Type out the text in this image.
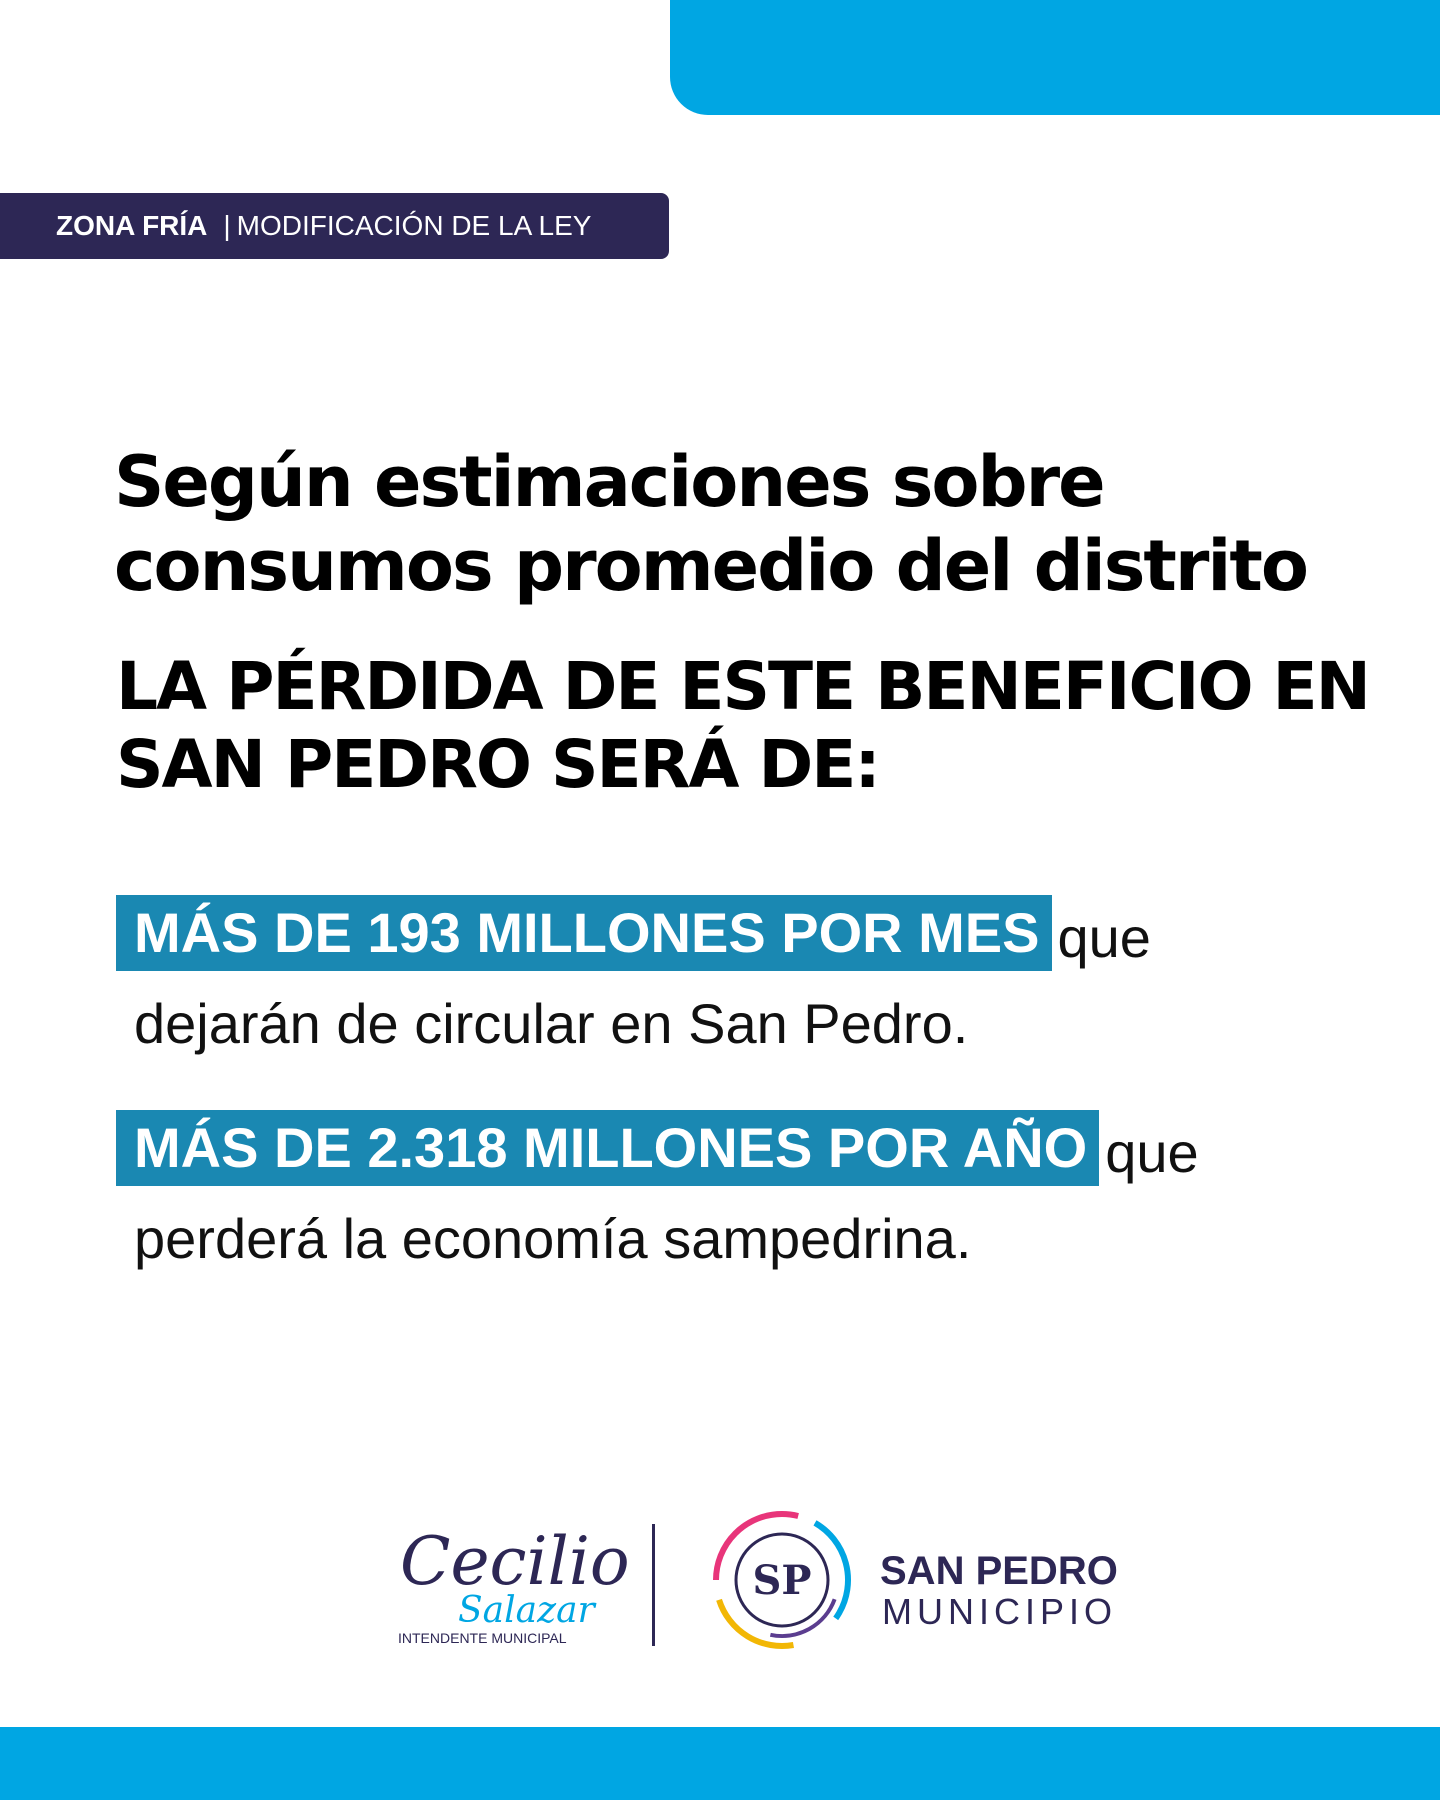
ZONA FRÍA | MODIFICACIÓN DE LA LEY
Según estimaciones sobre
consumos promedio del distrito
LA PÉRDIDA DE ESTE BENEFICIO EN
SAN PEDRO SERÁ DE:
MÁS DE 193 MILLONES POR MES que
dejarán de circular en San Pedro.
MÁS DE 2.318 MILLONES POR AÑO que
perderá la economía sampedrina.
Cecilio
Salazar
INTENDENTE MUNICIPAL
SP SAN PEDRO
MUNICIPIO
